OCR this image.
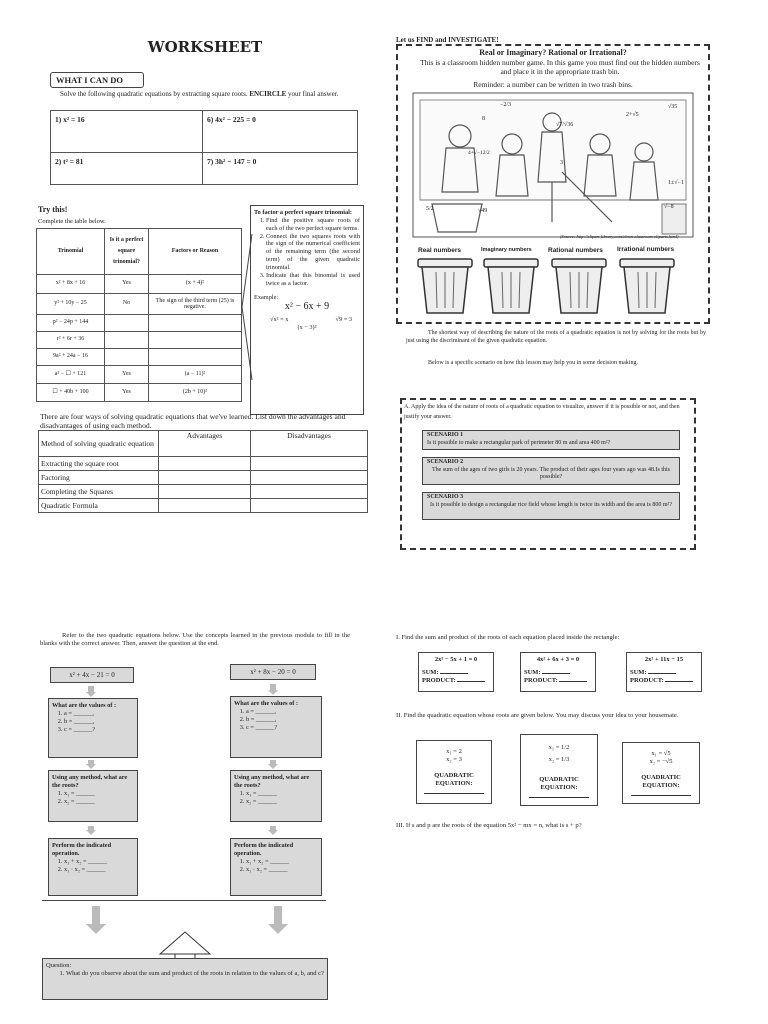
WORKSHEET
WHAT I CAN DO
Solve the following quadratic equations by extracting square roots. ENCIRCLE your final answer.
1) x² = 16	6) 4x² − 225 = 0
2) t² = 81	7) 3h² − 147 = 0
Try this!
Complete the table below.
Trinomial	Is it a perfect square trinomial?	Factors or Reason
x² + 8x + 16	Yes	(x + 4)²
y² + 10y − 25	No	The sign of the third term (25) is negative.
p² − 24p + 144		
r² + 6r + 36		
9a² + 24a − 16		
a² − ☐ + 121	Yes	(a − 11)²
☐ + 40b + 100	Yes	(2b + 10)²
To factor a perfect square trinomial:
1. Find the positive square roots of each of the two perfect square terms.
2. Connect the two squares roots with the sign of the numerical coefficient of the remaining term (the second term) of the given quadratic trinomial.
3. Indicate that this binomial is used twice as a factor.
Example:
x² − 6x + 9
√x² = x	√9 = 3
(x − 3)²
There are four ways of solving quadratic equations that we've learned. List down the advantages and disadvantages of using each method.
Method of solving quadratic equation	Advantages	Disadvantages
Extracting the square root		
Factoring		
Completing the Squares		
Quadratic Formula		
Let us FIND and INVESTIGATE!
Real or Imaginary? Rational or Irrational?
This is a classroom hidden number game. In this game you must find out the hidden numbers and place it in the appropriate trash bin.
Reminder: a number can be written in two trash bins.
−2/3
8
√7/√36
√35
2+√5
4+√−12/2
3
1±√−1
5/2	√49
√−8
(Source: http://clipart-library.com/clean-classroom-cliparts.html)
Real numbers	Imaginary numbers	Rational numbers Irrational numbers
The shortest way of describing the nature of the roots of a quadratic equation is not by solving for the roots but by just using the discriminant of the given quadratic equation.
Below is a specific scenario on how this lesson may help you in some decision making.
A. Apply the idea of the nature of roots of a quadratic equation to visualize, answer if it is possible or not, and then justify your answer.
SCENARIO 1
Is it possible to make a rectangular park of perimeter 80 m and area 400 m²?
SCENARIO 2
The sum of the ages of two girls is 20 years. The product of their ages four years ago was 48.Is this possible?
SCENARIO 3
Is it possible to design a rectangular rice field whose length is twice its width and the area is 800 m²?
Refer to the two quadratic equations below. Use the concepts learned in the previous module to fill in the blanks with the correct answer. Then, answer the question at the end.
x² + 4x − 21 = 0
What are the values of :
1. a = ______,
2. b = ______,
3. c = ______?
Using any method, what are the roots?
1. x₁ = ______
2. x₂ = ______
Perform the indicated operation.
1. x₁ + x₂ = ______
2. x₁ · x₂ = ______
x² + 8x − 20 = 0
What are the values of :
1. a = ______,
2. b = ______,
3. c = ______?
Using any method, what are the roots?
1. x₁ = ______
2. x₂ = ______
Perform the indicated operation.
1. x₁ + x₂ = ______
2. x₁ · x₂ = ______
Question:
1. What do you observe about the sum and product of the roots in relation to the values of a, b, and c?
I. Find the sum and product of the roots of each equation placed inside the rectangle:
2x² − 5x + 1 = 0
SUM:
PRODUCT:
4x² + 6x + 3 = 0
SUM:
PRODUCT:
2x² + 11x − 15
SUM:
PRODUCT:
II. Find the quadratic equation whose roots are given below. You may discuss your idea to your housemate.
x₁ = 2
x₂ = 3
QUADRATIC EQUATION:
x₁ = 1/2
x₂ = 1/3
QUADRATIC EQUATION:
x₁ = √5
x₂ = −√5
QUADRATIC EQUATION:
III. If s and p are the roots of the equation 5x² − mx = n, what is s + p?
